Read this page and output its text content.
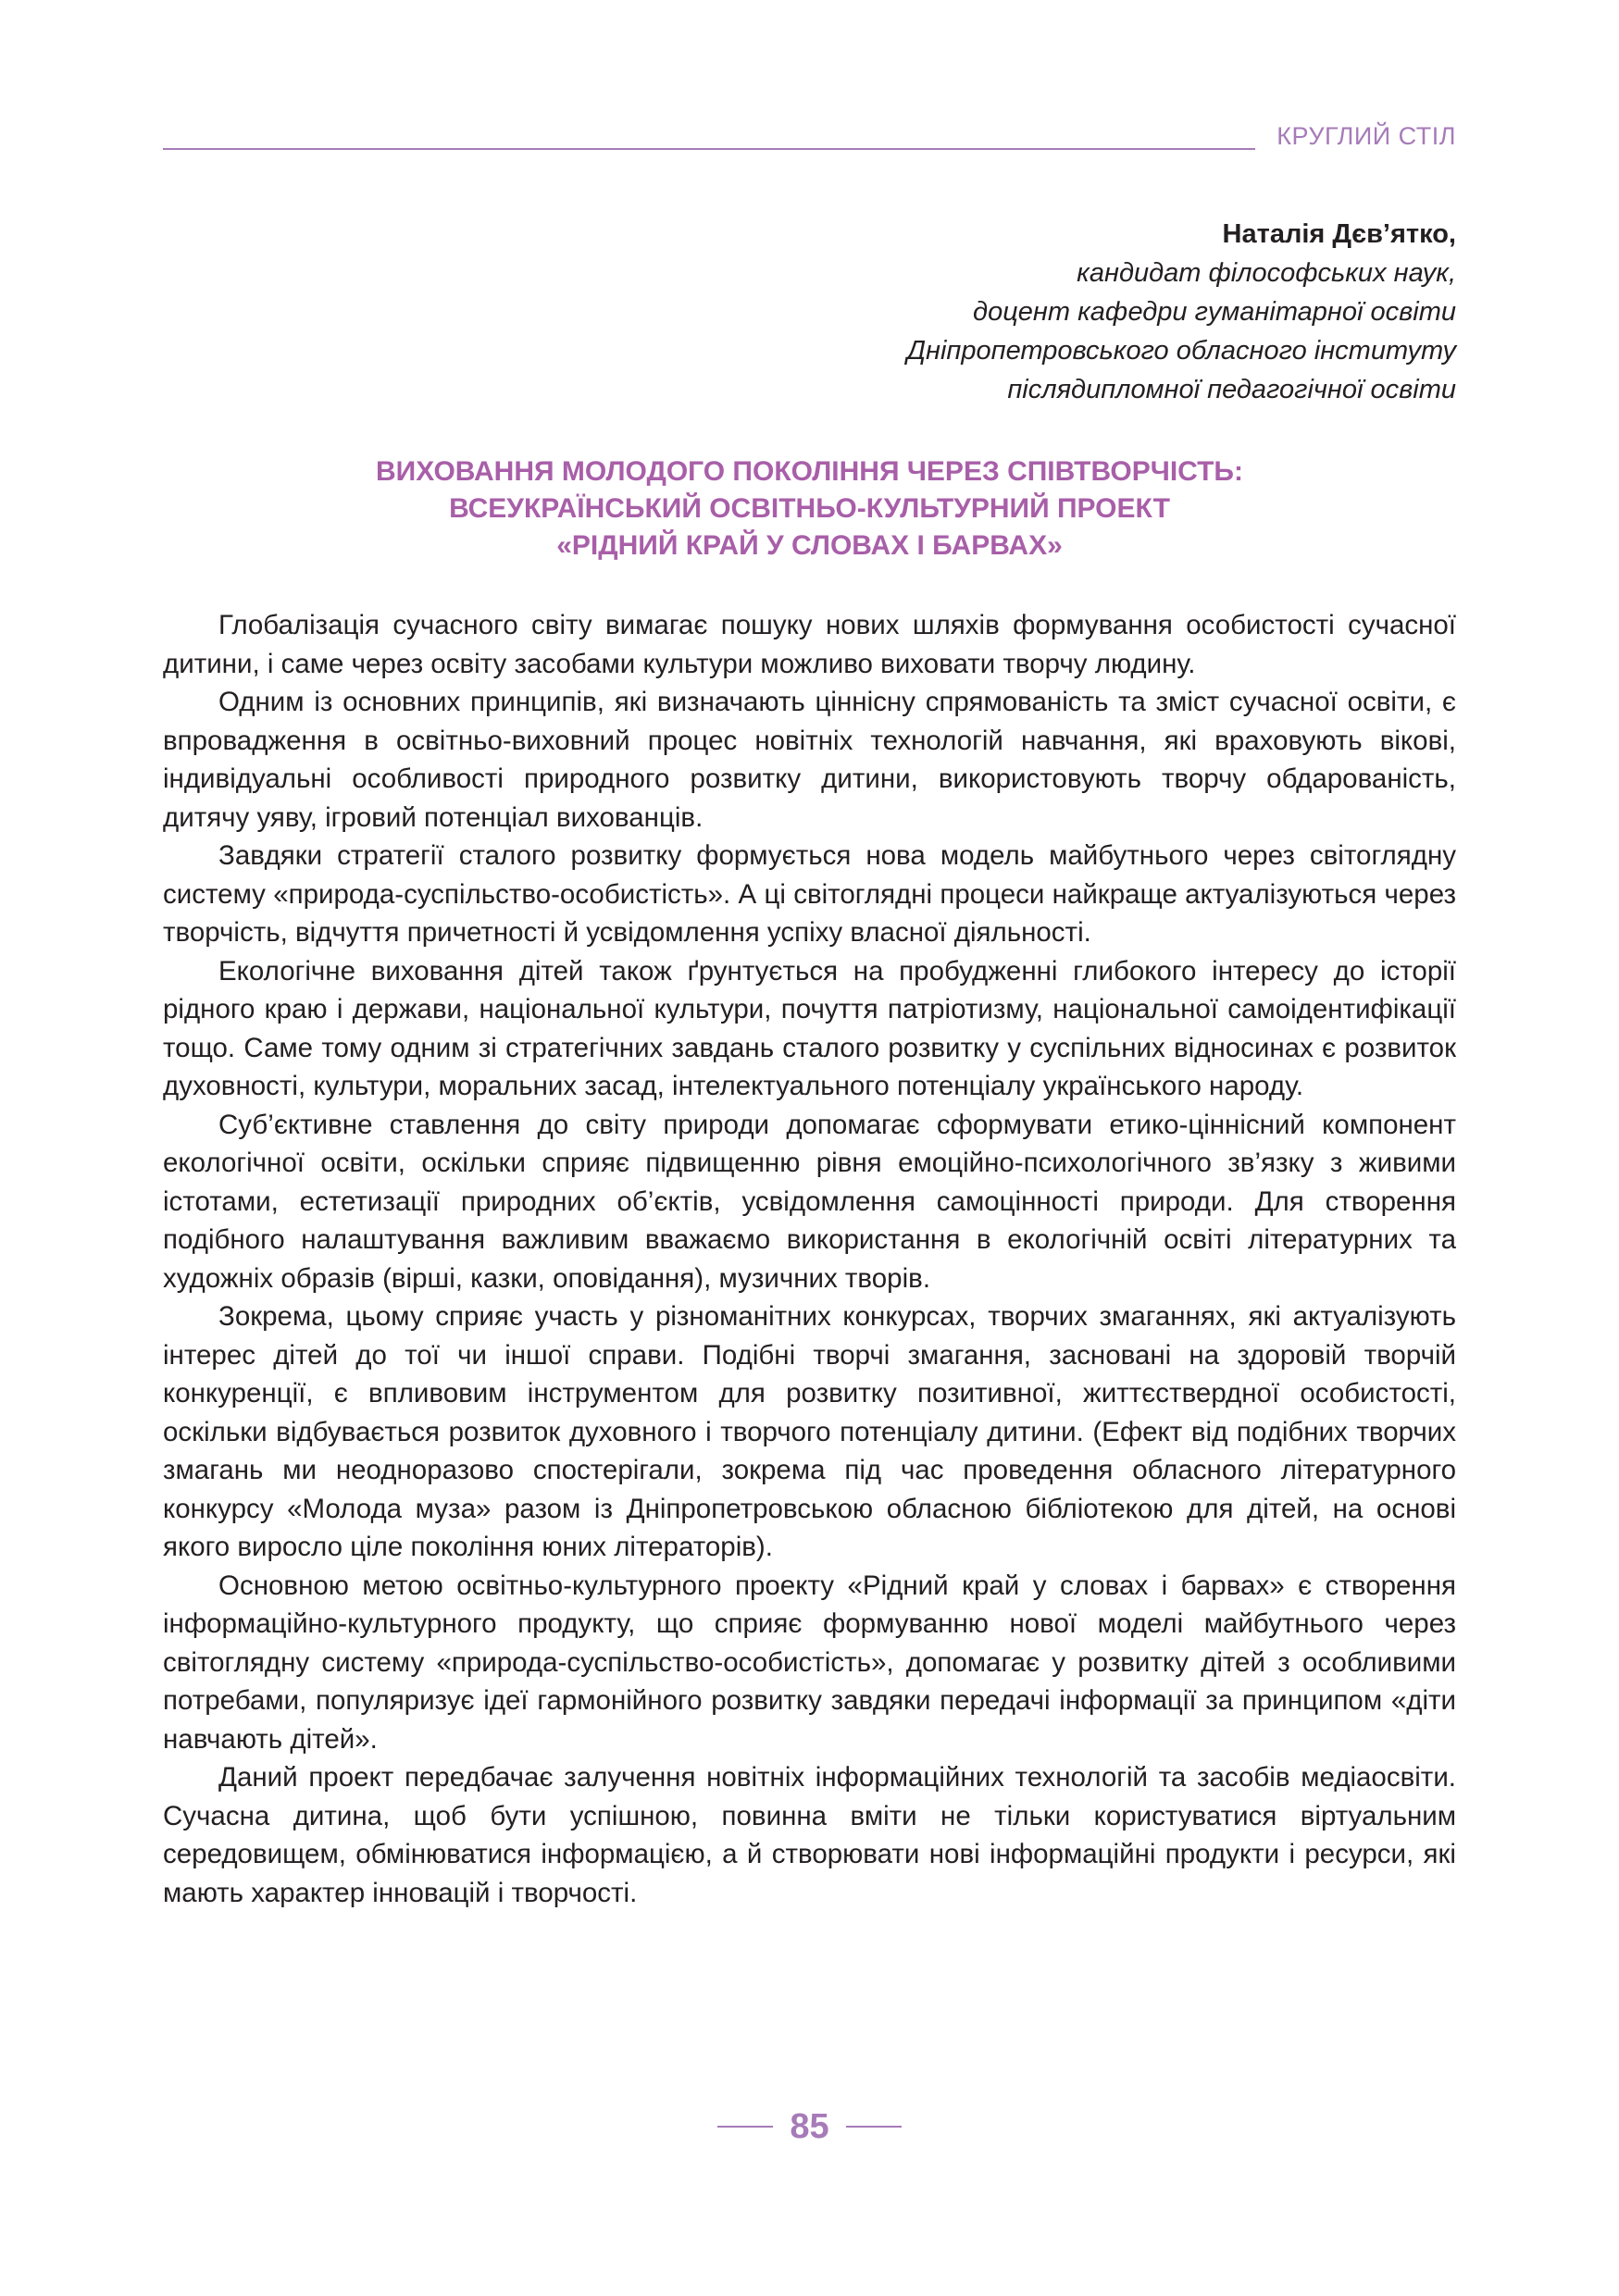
КРУГЛИЙ СТІЛ
Наталія Дєв’ятко,
кандидат філософських наук,
доцент кафедри гуманітарної освіти
Дніпропетровського обласного інституту
післядипломної педагогічної освіти
ВИХОВАННЯ МОЛОДОГО ПОКОЛІННЯ ЧЕРЕЗ СПІВТВОРЧІСТЬ:
ВСЕУКРАЇНСЬКИЙ ОСВІТНЬО-КУЛЬТУРНИЙ ПРОЕКТ
«РІДНИЙ КРАЙ У СЛОВАХ І БАРВАХ»

Глобалізація сучасного світу вимагає пошуку нових шляхів формування особистості сучасної дитини, і саме через освіту засобами культури можливо виховати творчу людину.

Одним із основних принципів, які визначають ціннісну спрямованість та зміст сучасної освіти, є впровадження в освітньо-виховний процес новітніх технологій навчання, які враховують вікові, індивідуальні особливості природного розвитку дитини, використовують творчу обдарованість, дитячу уяву, ігровий потенціал вихованців.

Завдяки стратегії сталого розвитку формується нова модель майбутнього через світоглядну систему «природа-суспільство-особистість». А ці світоглядні процеси найкраще актуалізуються через творчість, відчуття причетності й усвідомлення успіху власної діяльності.

Екологічне виховання дітей також ґрунтується на пробудженні глибокого інтересу до історії рідного краю і держави, національної культури, почуття патріотизму, національної самоідентифікації тощо. Саме тому одним зі стратегічних завдань сталого розвитку у суспільних відносинах є розвиток духовності, культури, моральних засад, інтелектуального потенціалу українського народу.

Суб’єктивне ставлення до світу природи допомагає сформувати етико-ціннісний компонент екологічної освіти, оскільки сприяє підвищенню рівня емоційно-психологічного зв’язку з живими істотами, естетизації природних об’єктів, усвідомлення самоцінності природи. Для створення подібного налаштування важливим вважаємо використання в екологічній освіті літературних та художніх образів (вірші, казки, оповідання), музичних творів.

Зокрема, цьому сприяє участь у різноманітних конкурсах, творчих змаганнях, які актуалізують інтерес дітей до тої чи іншої справи. Подібні творчі змагання, засновані на здоровій творчій конкуренції, є впливовим інструментом для розвитку позитивної, життєствердної особистості, оскільки відбувається розвиток духовного і творчого потенціалу дитини. (Ефект від подібних творчих змагань ми неодноразово спостерігали, зокрема під час проведення обласного літературного конкурсу «Молода муза» разом із Дніпропетровською обласною бібліотекою для дітей, на основі якого виросло ціле покоління юних літераторів).

Основною метою освітньо-культурного проекту «Рідний край у словах і барвах» є створення інформаційно-культурного продукту, що сприяє формуванню нової моделі майбутнього через світоглядну систему «природа-суспільство-особистість», допомагає у розвитку дітей з особливими потребами, популяризує ідеї гармонійного розвитку завдяки передачі інформації за принципом «діти навчають дітей».

Даний проект передбачає залучення новітніх інформаційних технологій та засобів медіаосвіти. Сучасна дитина, щоб бути успішною, повинна вміти не тільки користуватися віртуальним середовищем, обмінюватися інформацією, а й створювати нові інформаційні продукти і ресурси, які мають характер інновацій і творчості.

85
